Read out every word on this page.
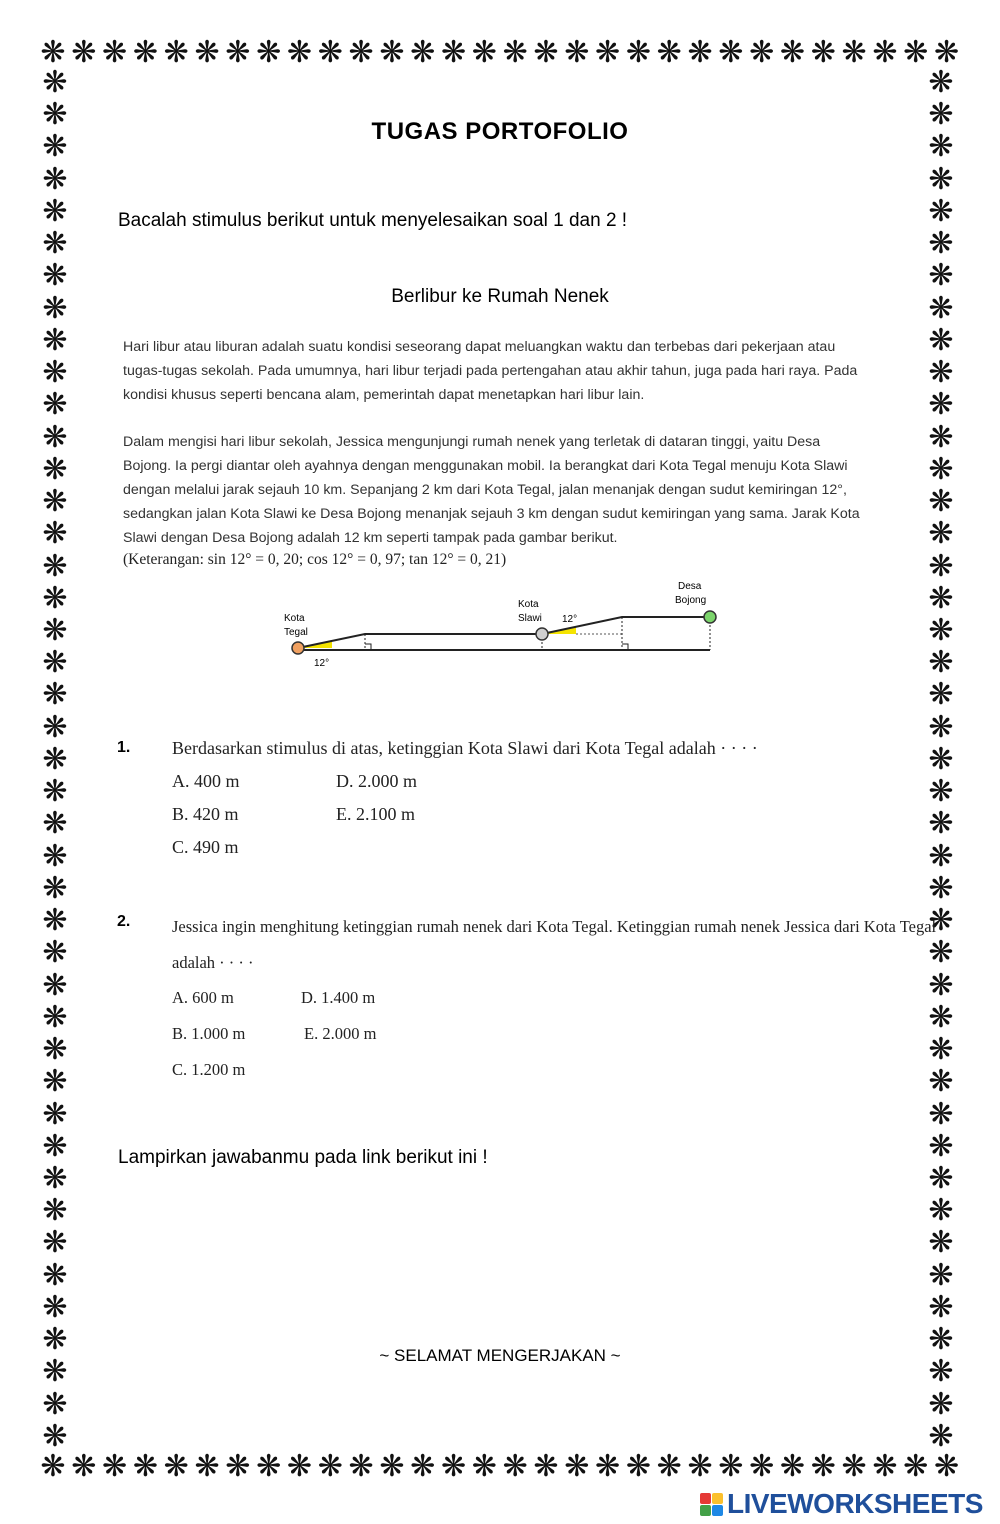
❋ ❋ ❋ ❋ ❋ ❋ ❋ ❋ ❋ ❋ ❋ ❋ ❋ ❋ ❋ ❋ ❋ ❋ ❋ ❋ ❋ ❋ ❋ ❋ ❋ ❋ ❋ ❋ ❋ ❋
❋ ❋ ❋ ❋ ❋ ❋ ❋ ❋ ❋ ❋ ❋ ❋ ❋ ❋ ❋ ❋ ❋ ❋ ❋ ❋ ❋ ❋ ❋ ❋ ❋ ❋ ❋ ❋ ❋ ❋
❋
❋
❋
❋
❋
❋
❋
❋
❋
❋
❋
❋
❋
❋
❋
❋
❋
❋
❋
❋
❋
❋
❋
❋
❋
❋
❋
❋
❋
❋
❋
❋
❋
❋
❋
❋
❋
❋
❋
❋
❋
❋
❋
❋
❋
❋
❋
❋
❋
❋
❋
❋
❋
❋
❋
❋
❋
❋
❋
❋
❋
❋
❋
❋
❋
❋
❋
❋
❋
❋
❋
❋
❋
❋
❋
❋
❋
❋
❋
❋
❋
❋
❋
❋
❋
❋
TUGAS PORTOFOLIO
Bacalah stimulus berikut untuk menyelesaikan soal 1 dan 2 !
Berlibur ke Rumah Nenek
Hari libur atau liburan adalah suatu kondisi seseorang dapat meluangkan waktu dan terbebas dari pekerjaan atau tugas-tugas sekolah. Pada umumnya, hari libur terjadi pada pertengahan atau akhir tahun, juga pada hari raya. Pada kondisi khusus seperti bencana alam, pemerintah dapat menetapkan hari libur lain.
Dalam mengisi hari libur sekolah, Jessica mengunjungi rumah nenek yang terletak di dataran tinggi, yaitu Desa Bojong. Ia pergi diantar oleh ayahnya dengan menggunakan mobil. Ia berangkat dari Kota Tegal menuju Kota Slawi dengan melalui jarak sejauh 10 km. Sepanjang 2 km dari Kota Tegal, jalan menanjak dengan sudut kemiringan 12°, sedangkan jalan Kota Slawi ke Desa Bojong menanjak sejauh 3 km dengan sudut kemiringan yang sama. Jarak Kota Slawi dengan Desa Bojong adalah 12 km seperti tampak pada gambar berikut.
(Keterangan: sin 12° = 0, 20; cos 12° = 0, 97; tan 12° = 0, 21)
Kota
Tegal
Kota
Slawi
Desa
Bojong
12°
12°
1. Berdasarkan stimulus di atas, ketinggian Kota Slawi dari Kota Tegal adalah · · · ·
A. 400 m
B. 420 m
C. 490 m
D. 2.000 m
E. 2.100 m
2.	Jessica ingin menghitung ketinggian rumah nenek dari Kota Tegal. Ketinggian rumah nenek Jessica dari Kota Tegal
adalah · · · ·
A. 600 m
B. 1.000 m
C. 1.200 m
D. 1.400 m
E. 2.000 m
Lampirkan jawabanmu pada link berikut ini !
~ SELAMAT MENGERJAKAN ~
LIVEWORKSHEETS
